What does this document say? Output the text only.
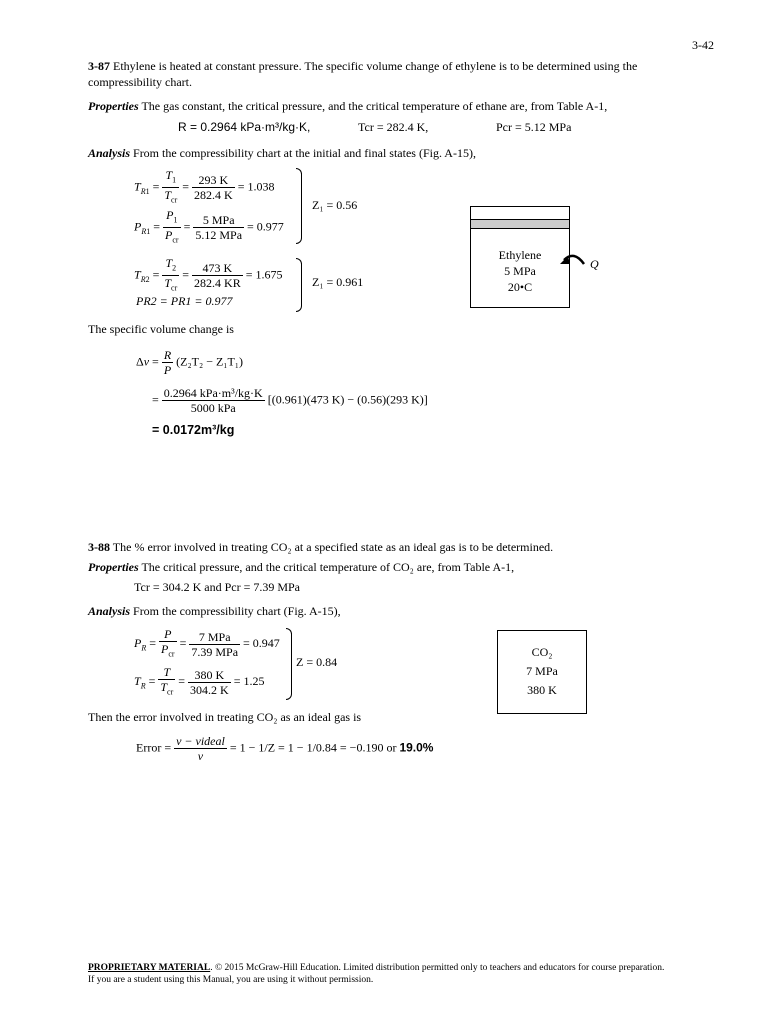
3-42
3-87 Ethylene is heated at constant pressure. The specific volume change of ethylene is to be determined using the compressibility chart.
Properties The gas constant, the critical pressure, and the critical temperature of ethane are, from Table A-1,
R = 0.2964 kPa·m³/kg·K,	Tcr = 282.4 K,	Pcr = 5.12 MPa
Analysis From the compressibility chart at the initial and final states (Fig. A-15),
$T_{R1} = \frac{T_1}{T_{cr}} = \frac{293 K}{282.4 K} = 1.038$
$P_{R1} = \frac{P_1}{P_{cr}} = \frac{\text{5 MPa}}{\text{5.12 MPa}} = 0.977$
Z₁ = 0.56
$T_{R2} = \frac{T_2}{T_{cr}} = \frac{473 K}{282.4 KR} = 1.675$
PR2 = PR1 = 0.977
Z₁ = 0.961
Ethylene
5 MPa
20•C
Q
The specific volume change is
$\Delta v = \frac{R}{P} (Z_2T_2 - Z_1T_1)$
= $\frac{\text{0.2964 kPa·m³/kg·K}}{\text{5000 kPa}} [(0.961)(473$ K) − (0.56)(293 K)]
= 0.0172m³/kg
3-88 The % error involved in treating CO₂ at a specified state as an ideal gas is to be determined.
Properties The critical pressure, and the critical temperature of CO₂ are, from Table A-1,
Tcr = 304.2 K and Pcr = 7.39 MPa
Analysis From the compressibility chart (Fig. A-15),
$P_R = \frac{P}{P_{cr}} = \frac{\text{7 MPa}}{\text{7.39 MPa}} = 0.947$
$T_R = \frac{T}{T_{cr}} = \frac{380 K}{304.2 K} = 1.25$
Z = 0.84
CO₂
7 MPa
380 K
Then the error involved in treating CO₂ as an ideal gas is
Error = $\frac{\text{v − videal}}{v} = 1 - 1/Z = 1 - 1/0.84 = -0.190$ or 19.0%
PROPRIETARY MATERIAL. © 2015 McGraw-Hill Education. Limited distribution permitted only to teachers and educators for course preparation.
If you are a student using this Manual, you are using it without permission.
